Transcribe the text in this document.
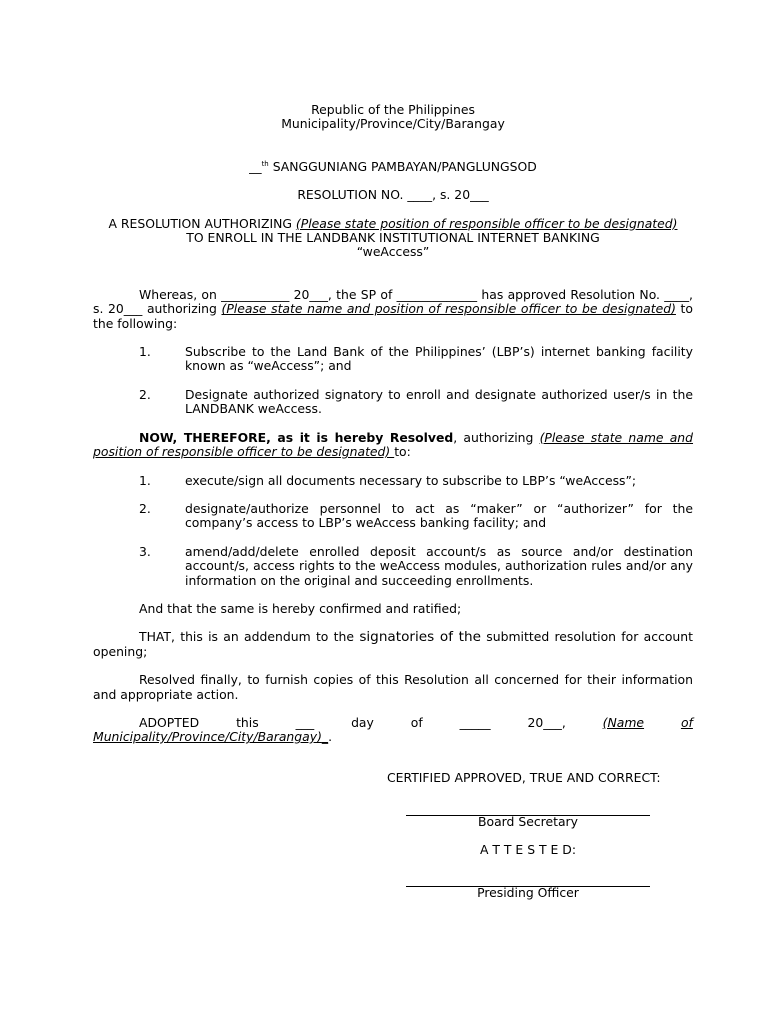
Republic of the Philippines

Municipality/Province/City/Barangay

__$^{th}$ SANGGUNIANG PAMBAYAN/PANGLUNGSOD

RESOLUTION NO. ____, s. 20___

A RESOLUTION AUTHORIZING (Please state position of responsible officer to be designated)

TO ENROLL IN THE LANDBANK INSTITUTIONAL INTERNET BANKING

“weAccess”

Whereas, on ___________ 20___, the SP of _____________ has approved Resolution No. ____, s. 20___ authorizing (Please state name and position of responsible officer to be designated) to the following:

1.	Subscribe to the Land Bank of the Philippines’ (LBP’s) internet banking facility known as “weAccess”; and
2.	Designate authorized signatory to enroll and designate authorized user/s in the LANDBANK weAccess.

NOW, THEREFORE, as it is hereby Resolved, authorizing (Please state name and position of responsible officer to be designated) to:

1.	execute/sign all documents necessary to subscribe to LBP’s “weAccess”;
2.	designate/authorize personnel to act as “maker” or “authorizer” for the company’s access to LBP’s weAccess banking facility; and
3.	amend/add/delete enrolled deposit account/s as source and/or destination account/s, access rights to the weAccess modules, authorization rules and/or any information on the original and succeeding enrollments.

And that the same is hereby confirmed and ratified;

THAT, this is an addendum to the signatories of the submitted resolution for account opening;

Resolved finally, to furnish copies of this Resolution all concerned for their information and appropriate action.

ADOPTED	this	___	day	of	_____	20___,	(Name	of

Municipality/Province/City/Barangay)_.

CERTIFIED APPROVED, TRUE AND CORRECT:
Board Secretary
A T T E S T E D:
Presiding Officer
